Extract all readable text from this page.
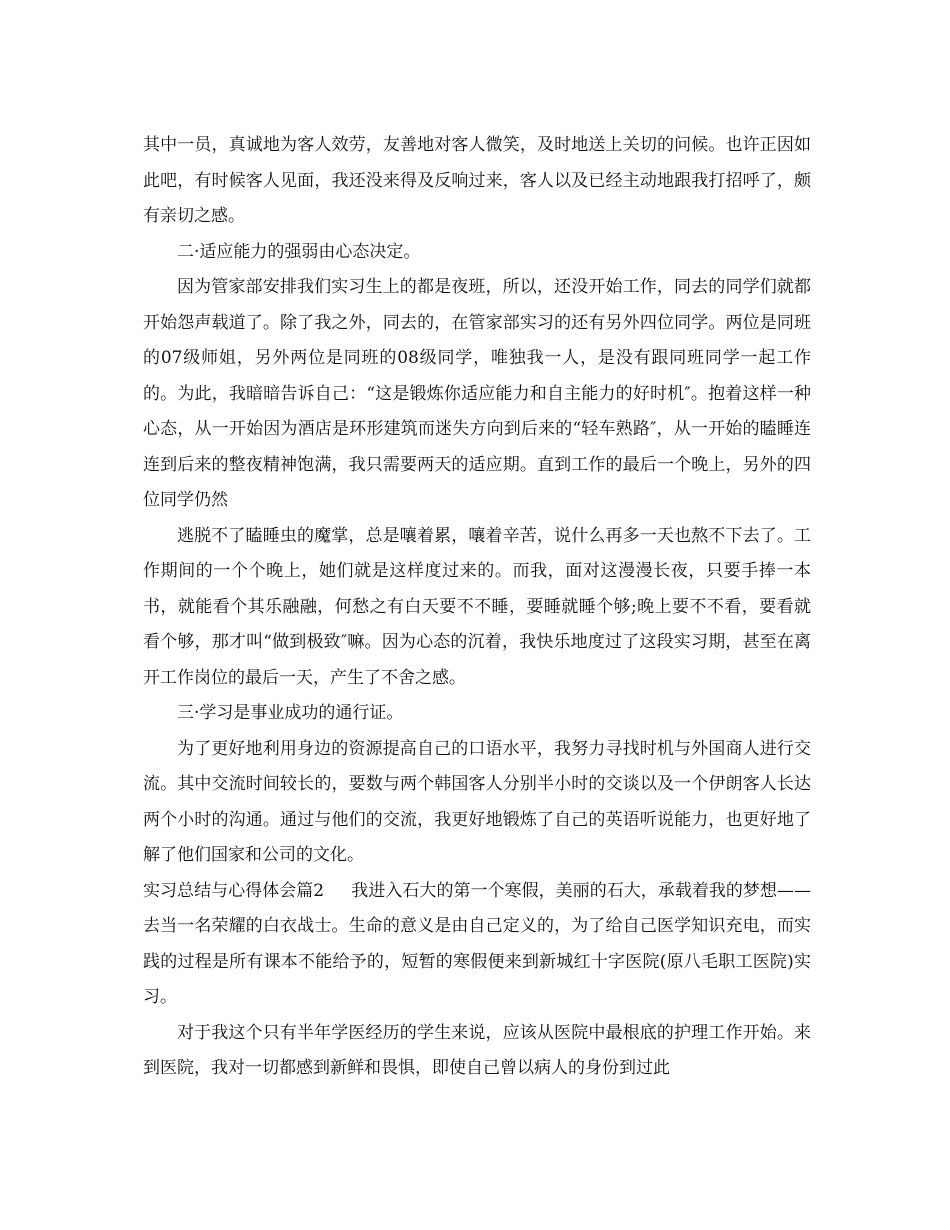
其中一员，真诚地为客人效劳，友善地对客人微笑，及时地送上关切的问候。也许正因如此吧，有时候客人见面，我还没来得及反响过来，客人以及已经主动地跟我打招呼了，颇有亲切之感。

二·适应能力的强弱由心态决定。

因为管家部安排我们实习生上的都是夜班，所以，还没开始工作，同去的同学们就都开始怨声载道了。除了我之外，同去的，在管家部实习的还有另外四位同学。两位是同班的07级师姐，另外两位是同班的08级同学，唯独我一人，是没有跟同班同学一起工作的。为此，我暗暗告诉自己：“这是锻炼你适应能力和自主能力的好时机″。抱着这样一种心态，从一开始因为酒店是环形建筑而迷失方向到后来的“轻车熟路″，从一开始的瞌睡连连到后来的整夜精神饱满，我只需要两天的适应期。直到工作的最后一个晚上，另外的四位同学仍然

逃脱不了瞌睡虫的魔掌，总是嚷着累，嚷着辛苦，说什么再多一天也熬不下去了。工作期间的一个个晚上，她们就是这样度过来的。而我，面对这漫漫长夜，只要手捧一本书，就能看个其乐融融，何愁之有白天要不不睡，要睡就睡个够;晚上要不不看，要看就看个够，那才叫“做到极致″嘛。因为心态的沉着，我快乐地度过了这段实习期，甚至在离开工作岗位的最后一天，产生了不舍之感。

三·学习是事业成功的通行证。

为了更好地利用身边的资源提高自己的口语水平，我努力寻找时机与外国商人进行交流。其中交流时间较长的，要数与两个韩国客人分别半小时的交谈以及一个伊朗客人长达两个小时的沟通。通过与他们的交流，我更好地锻炼了自己的英语听说能力，也更好地了解了他们国家和公司的文化。

实习总结与心得体会篇2 我进入石大的第一个寒假，美丽的石大，承载着我的梦想——去当一名荣耀的白衣战士。生命的意义是由自己定义的，为了给自己医学知识充电，而实践的过程是所有课本不能给予的，短暂的寒假便来到新城红十字医院(原八毛职工医院)实习。

对于我这个只有半年学医经历的学生来说，应该从医院中最根底的护理工作开始。来到医院，我对一切都感到新鲜和畏惧，即使自己曾以病人的身份到过此
